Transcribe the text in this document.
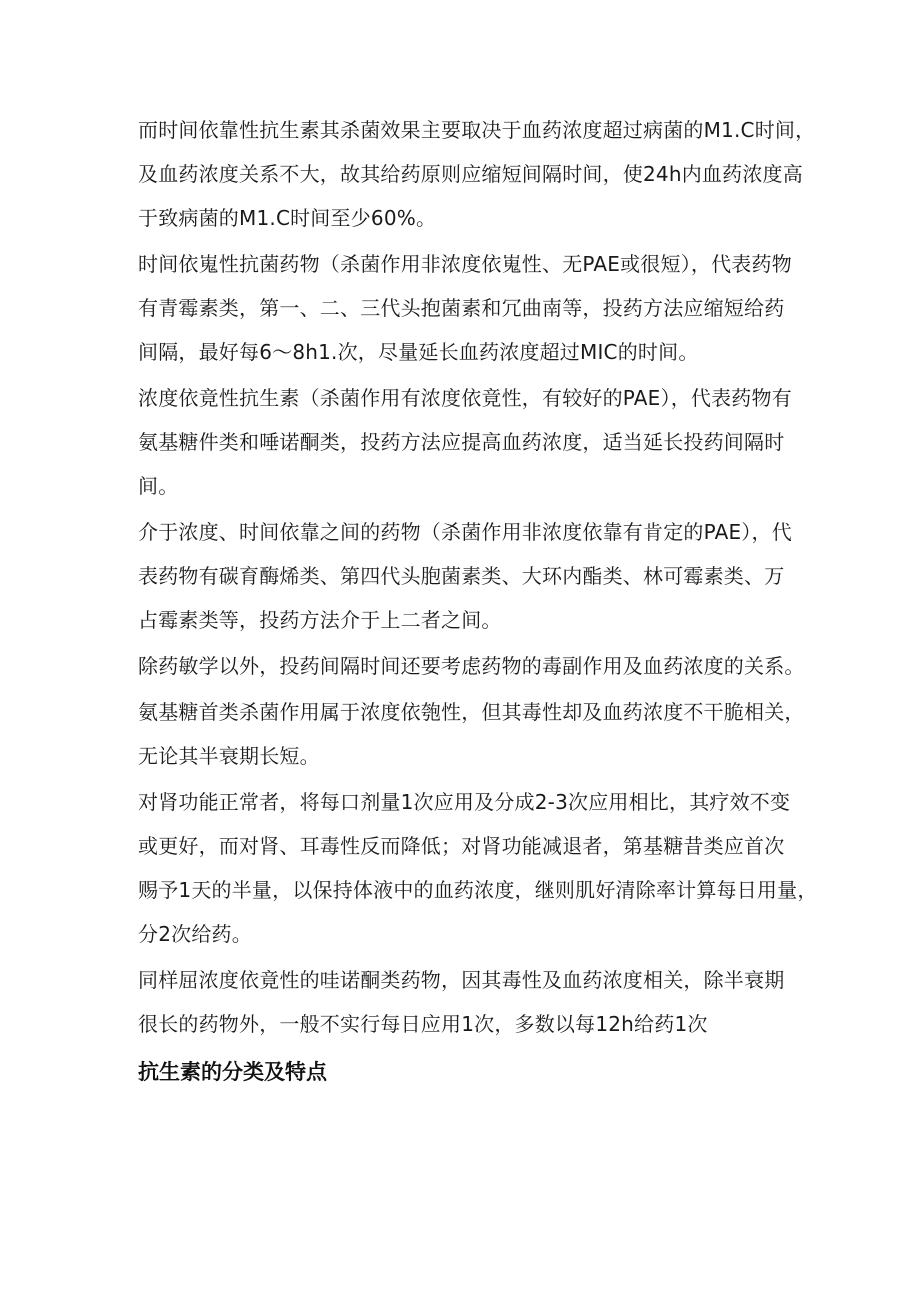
而时间依靠性抗生素其杀菌效果主要取决于血药浓度超过病菌的M1.C时间，
及血药浓度关系不大，故其给药原则应缩短间隔时间，使24h内血药浓度高
于致病菌的M1.C时间至少60%。
时间依嵬性抗菌药物（杀菌作用非浓度依嵬性、无PAE或很短），代表药物
有青霉素类，第一、二、三代头抱菌素和冗曲南等，投药方法应缩短给药
间隔，最好每6～8h1.次，尽量延长血药浓度超过MIC的时间。
浓度依竟性抗生素（杀菌作用有浓度依竟性，有较好的PAE），代表药物有
氨基糖件类和唾诺酮类，投药方法应提高血药浓度，适当延长投药间隔时
间。
介于浓度、时间依靠之间的药物（杀菌作用非浓度依靠有肯定的PAE），代
表药物有碳育酶烯类、第四代头胞菌素类、大环内酯类、林可霉素类、万
占霉素类等，投药方法介于上二者之间。
除药敏学以外，投药间隔时间还要考虑药物的毒副作用及血药浓度的关系。
氨基糖首类杀菌作用属于浓度依匏性，但其毒性却及血药浓度不干脆相关，
无论其半衰期长短。
对肾功能正常者，将每口剂量1次应用及分成2-3次应用相比，其疗效不变
或更好，而对肾、耳毒性反而降低；对肾功能减退者，第基糖昔类应首次
赐予1天的半量，以保持体液中的血药浓度，继则肌好清除率计算每日用量，
分2次给药。
同样屈浓度依竟性的哇诺酮类药物，因其毒性及血药浓度相关，除半衰期
很长的药物外，一般不实行每日应用1次，多数以每12h给药1次
抗生素的分类及特点
